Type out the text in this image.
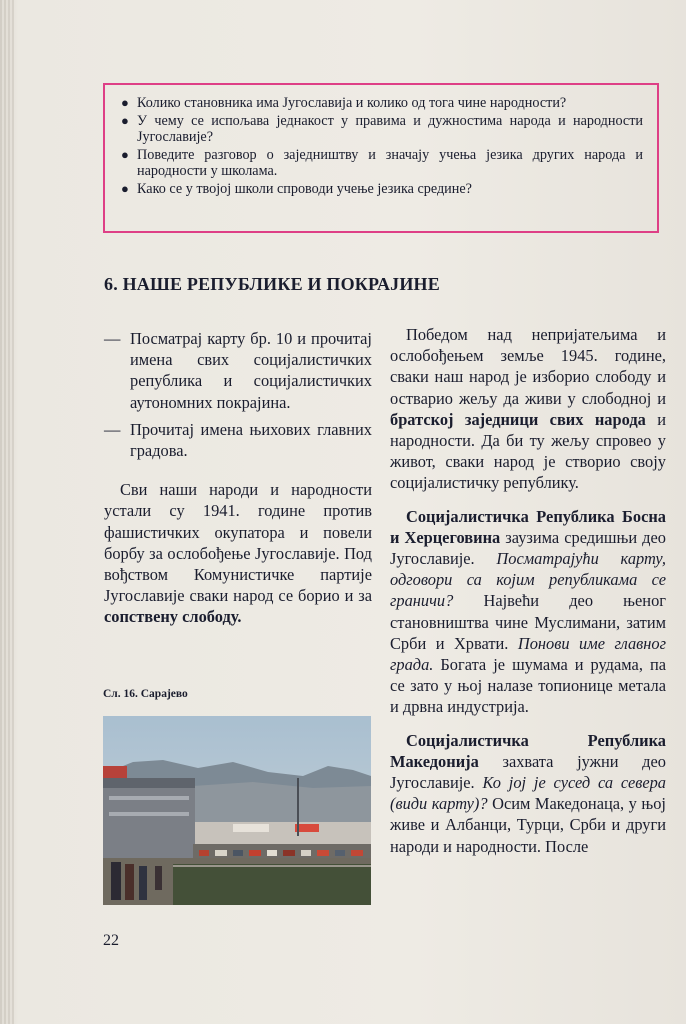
● Колико становника има Југославија и колико од тога чине народности?
● У чему се испољава једнакост у правима и дужностима народа и народности Југославије?
● Поведите разговор о заједништву и значају учења језика других народа и народности у школама.
● Како се у твојој школи спроводи учење језика средине?
6. НАШЕ РЕПУБЛИКЕ И ПОКРАЈИНЕ
— Посматрај карту бр. 10 и прочитај имена свих социјалистичких република и социјалистичких аутономних покрајина.
— Прочитај имена њихових главних градова.

Сви наши народи и народности устали су 1941. године против фашистичких окупатора и повели борбу за ослобођење Југославије. Под вођством Комунистичке партије Југославије сваки народ се борио и за сопствену слободу.

Сл. 16. Сарајево

Победом над непријатељима и ослобођењем земље 1945. године, сваки наш народ је изборио слободу и остварио жељу да живи у слободној и братској заједници свих народа и народности. Да би ту жељу спровео у живот, сваки народ је створио своју социјалистичку републику.

Социјалистичка Република Босна и Херцеговина заузима средишњи део Југославије. Посматрајући карту, одговори са којим републикама се граничи? Највећи део њеног становништва чине Муслимани, затим Срби и Хрвати. Понови име главног града. Богата је шумама и рудама, па се зато у њој налазе топионице метала и дрвна индустрија.

Социјалистичка Република Македонија захвата јужни део Југославије. Ко јој је сусед са севера (види карту)? Осим Македонаца, у њој живе и Албанци, Турци, Срби и други народи и народности. После

22
